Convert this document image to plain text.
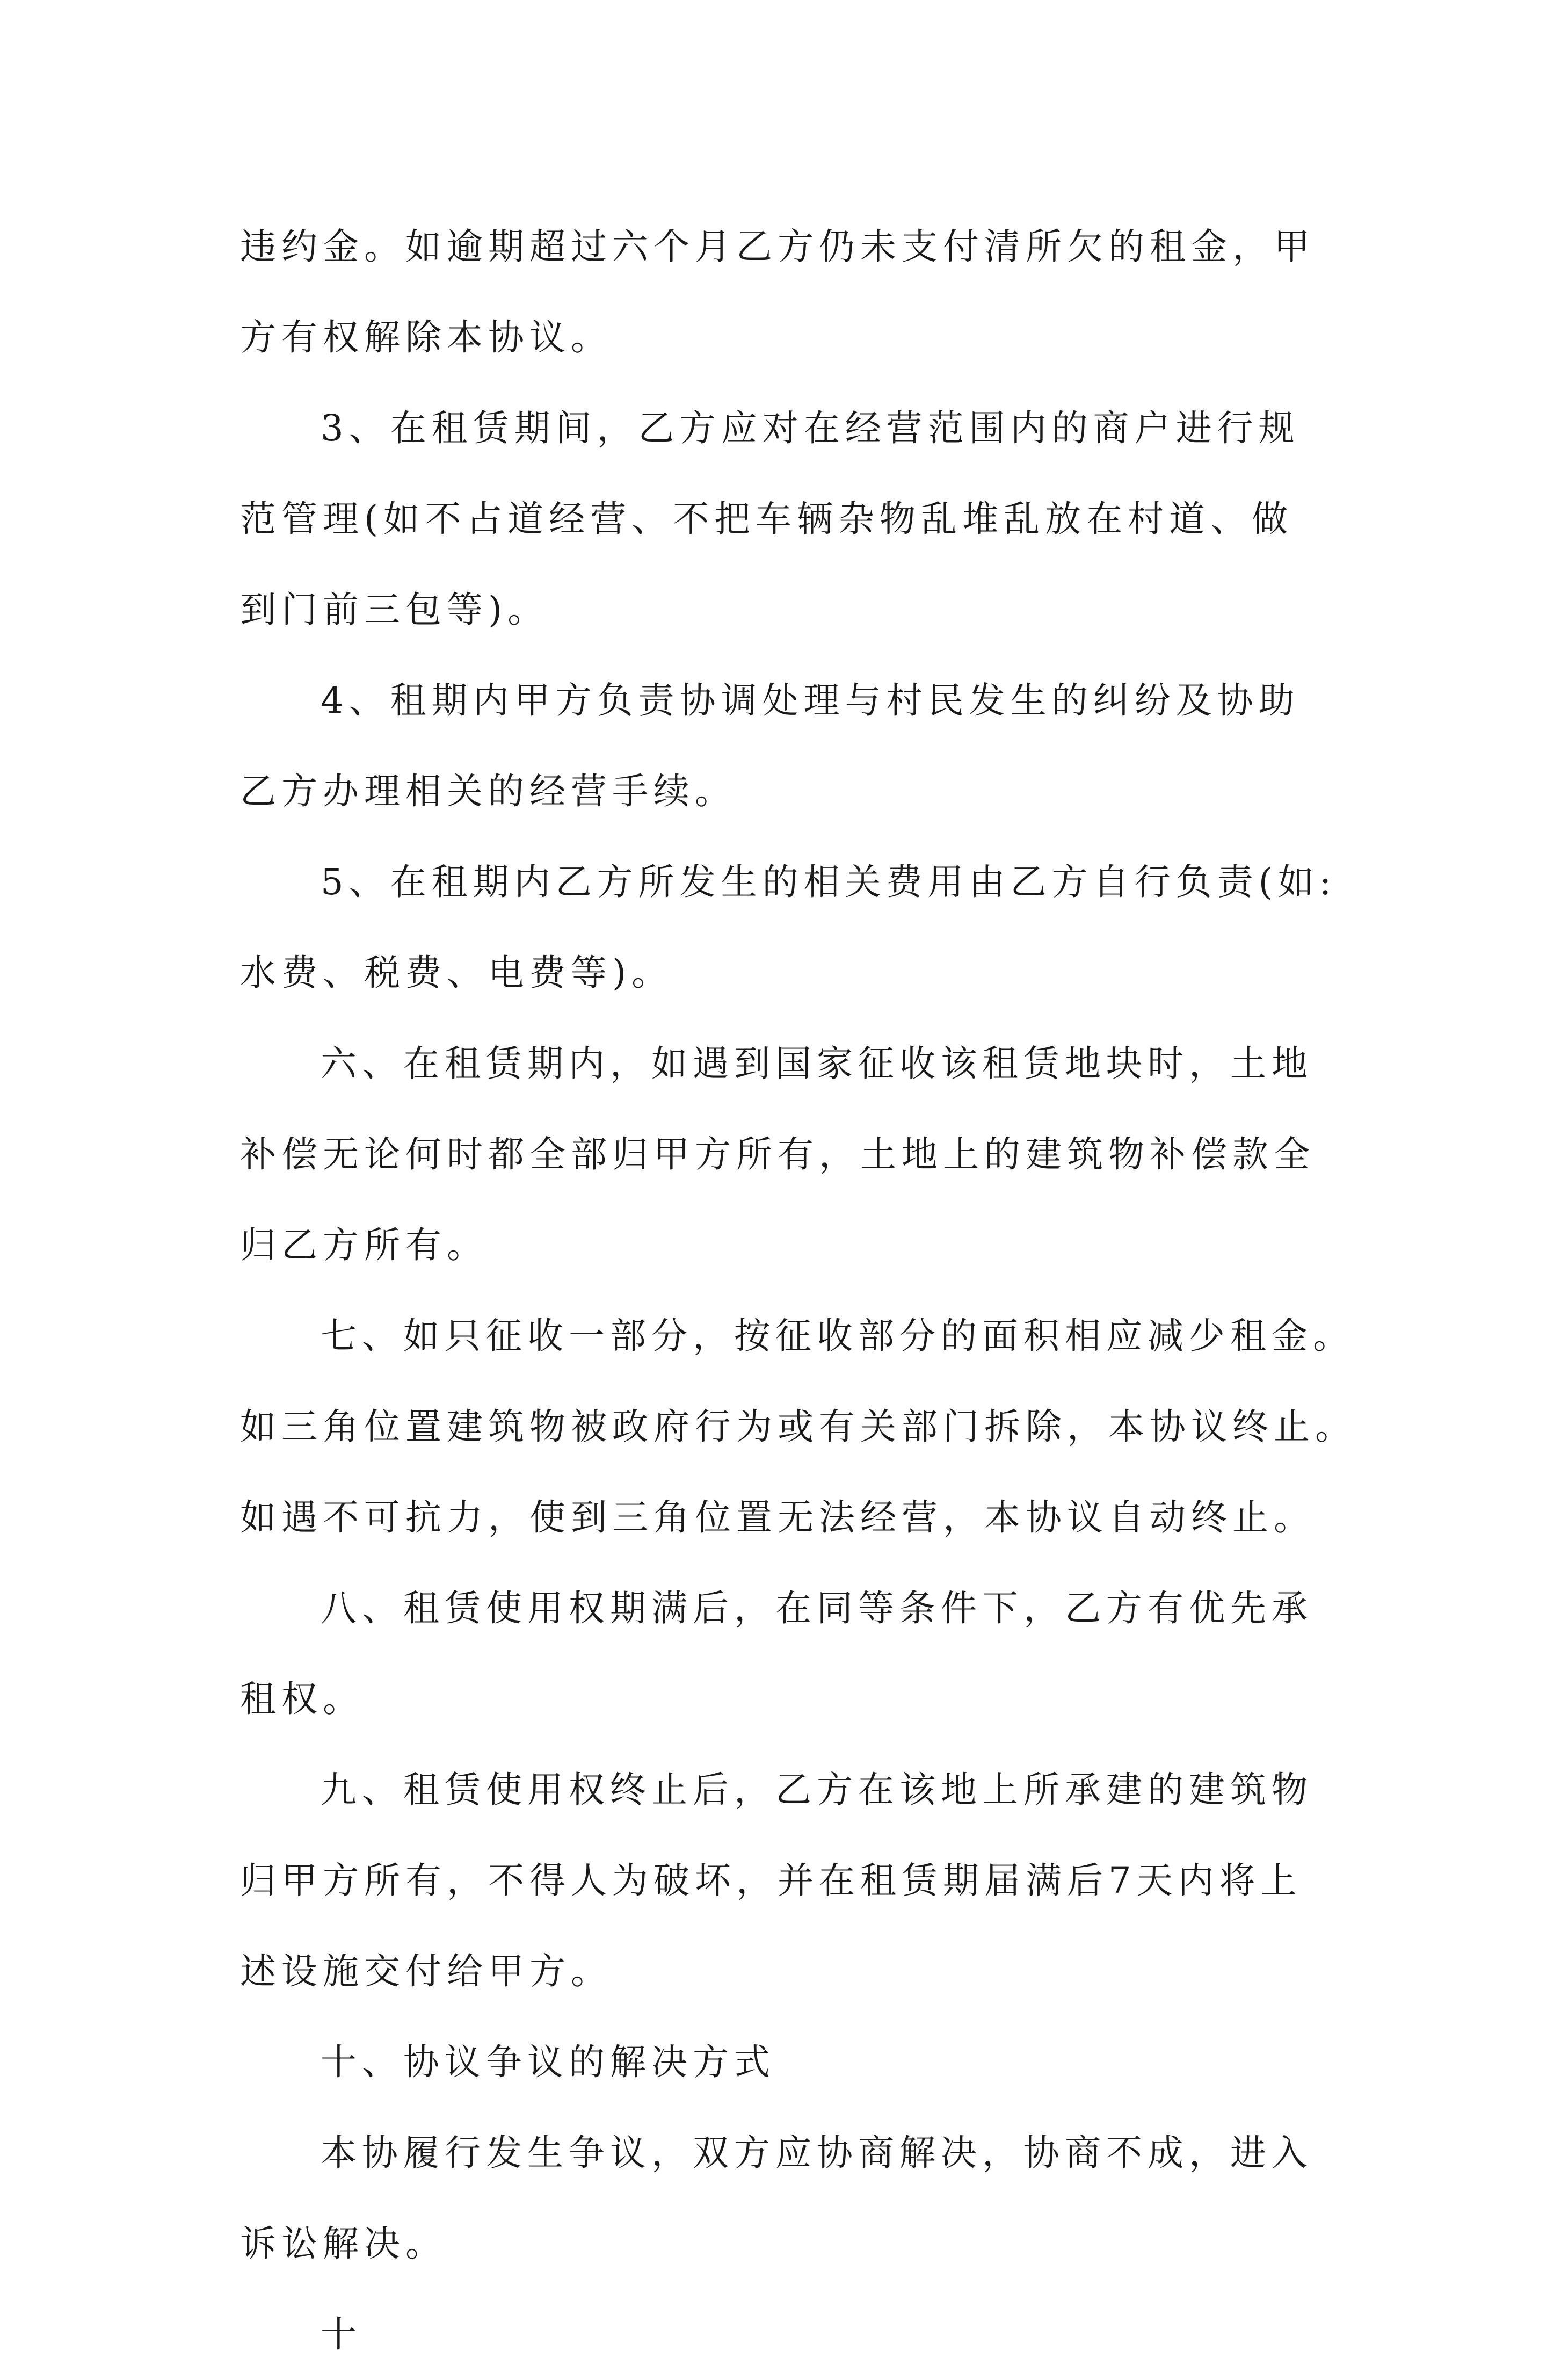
违约金。如逾期超过六个月乙方仍未支付清所欠的租金，甲
方有权解除本协议。
3、在租赁期间，乙方应对在经营范围内的商户进行规
范管理(如不占道经营、不把车辆杂物乱堆乱放在村道、做
到门前三包等)。
4、租期内甲方负责协调处理与村民发生的纠纷及协助
乙方办理相关的经营手续。
5、在租期内乙方所发生的相关费用由乙方自行负责(如:
水费、税费、电费等)。
六、在租赁期内，如遇到国家征收该租赁地块时，土地
补偿无论何时都全部归甲方所有，土地上的建筑物补偿款全
归乙方所有。
七、如只征收一部分，按征收部分的面积相应减少租金。
如三角位置建筑物被政府行为或有关部门拆除，本协议终止。
如遇不可抗力，使到三角位置无法经营，本协议自动终止。
八、租赁使用权期满后，在同等条件下，乙方有优先承
租权。
九、租赁使用权终止后，乙方在该地上所承建的建筑物
归甲方所有，不得人为破坏，并在租赁期届满后7天内将上
述设施交付给甲方。
十、协议争议的解决方式
本协履行发生争议，双方应协商解决，协商不成，进入
诉讼解决。
十
